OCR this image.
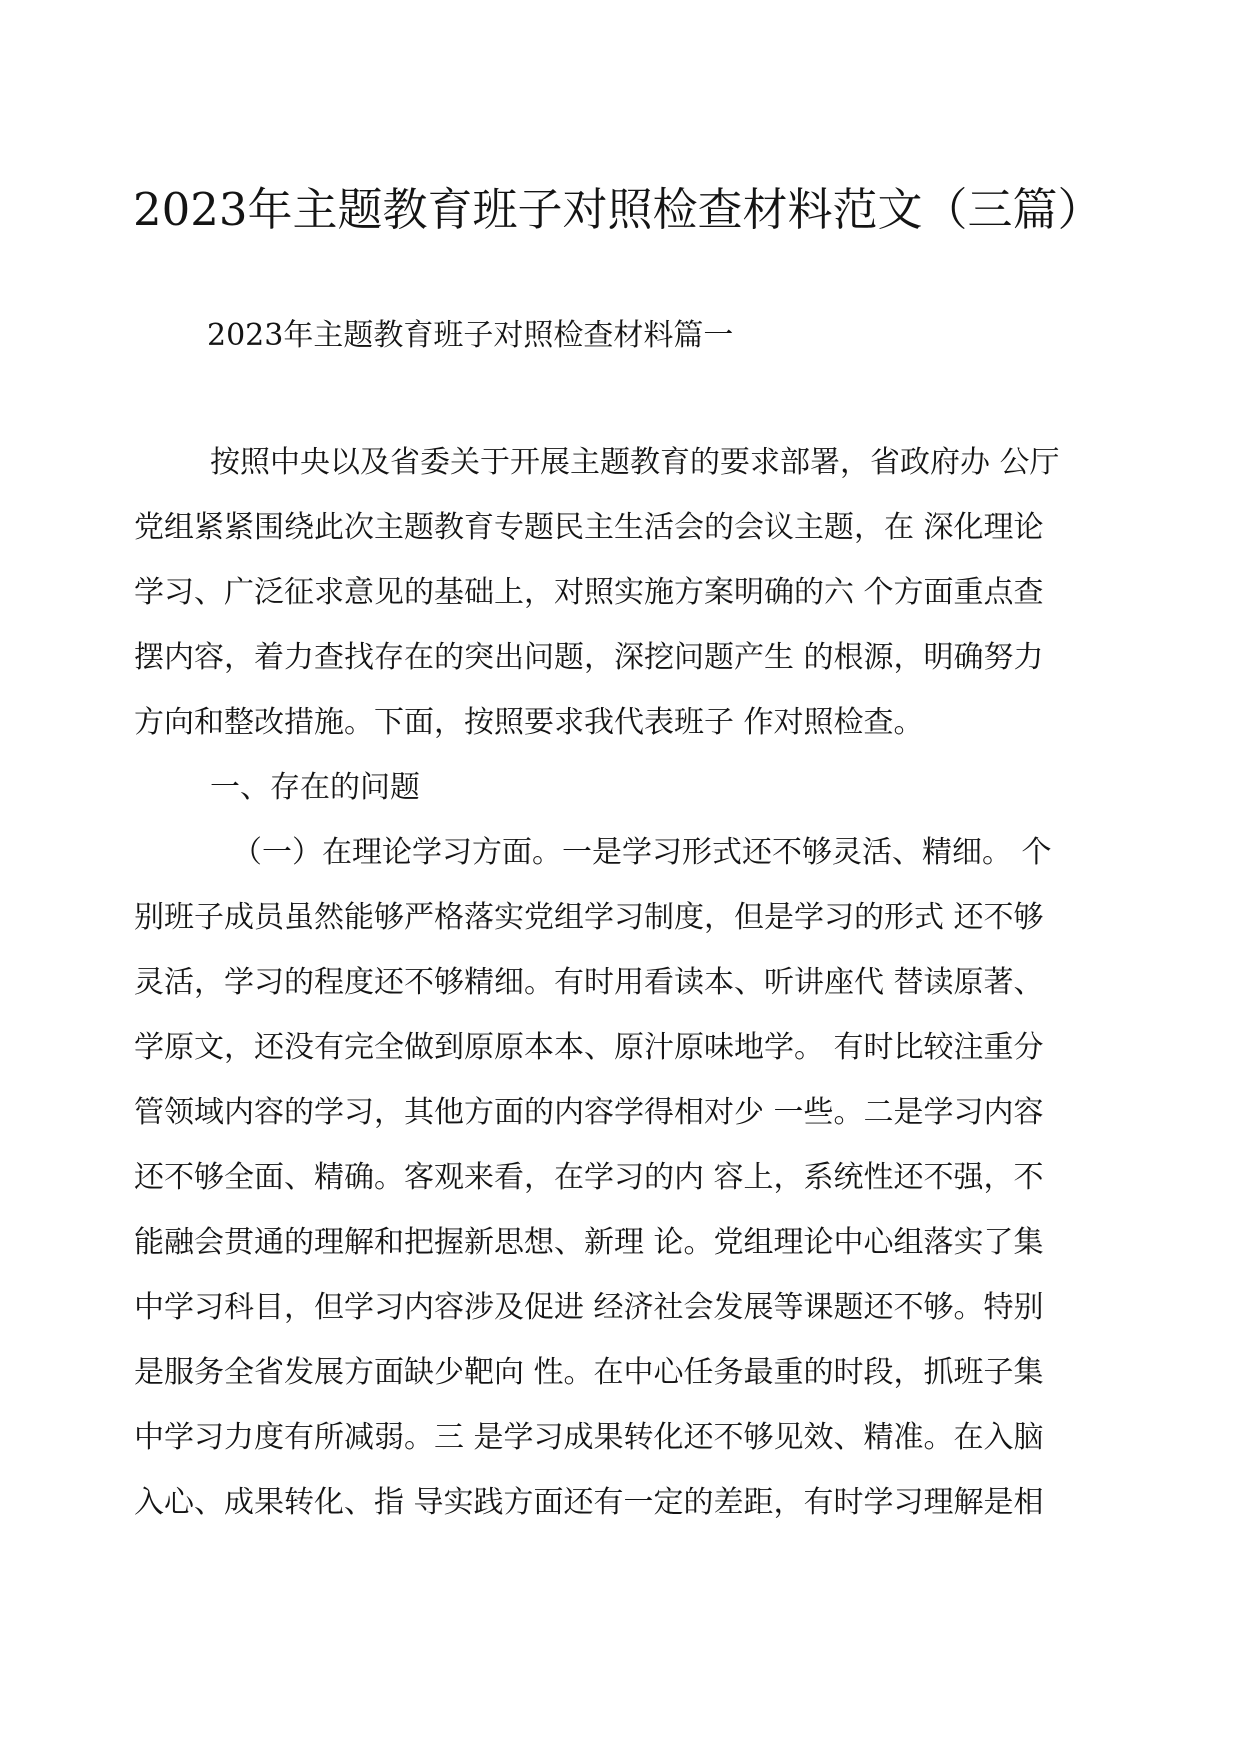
2023年主题教育班子对照检查材料范文（三篇）

2023年主题教育班子对照检查材料篇一

按照中央以及省委关于开展主题教育的要求部署，省政府办 公厅

党组紧紧围绕此次主题教育专题民主生活会的会议主题，在 深化理论

学习、广泛征求意见的基础上，对照实施方案明确的六 个方面重点查

摆内容，着力查找存在的突出问题，深挖问题产生 的根源，明确努力

方向和整改措施。下面，按照要求我代表班子 作对照检查。

一、存在的问题

（一）在理论学习方面。一是学习形式还不够灵活、精细。 个

别班子成员虽然能够严格落实党组学习制度，但是学习的形式 还不够

灵活，学习的程度还不够精细。有时用看读本、听讲座代 替读原著、

学原文，还没有完全做到原原本本、原汁原味地学。 有时比较注重分

管领域内容的学习，其他方面的内容学得相对少 一些。二是学习内容

还不够全面、精确。客观来看，在学习的内 容上，系统性还不强，不

能融会贯通的理解和把握新思想、新理 论。党组理论中心组落实了集

中学习科目，但学习内容涉及促进 经济社会发展等课题还不够。特别

是服务全省发展方面缺少靶向 性。在中心任务最重的时段，抓班子集

中学习力度有所减弱。三 是学习成果转化还不够见效、精准。在入脑

入心、成果转化、指 导实践方面还有一定的差距，有时学习理解是相
